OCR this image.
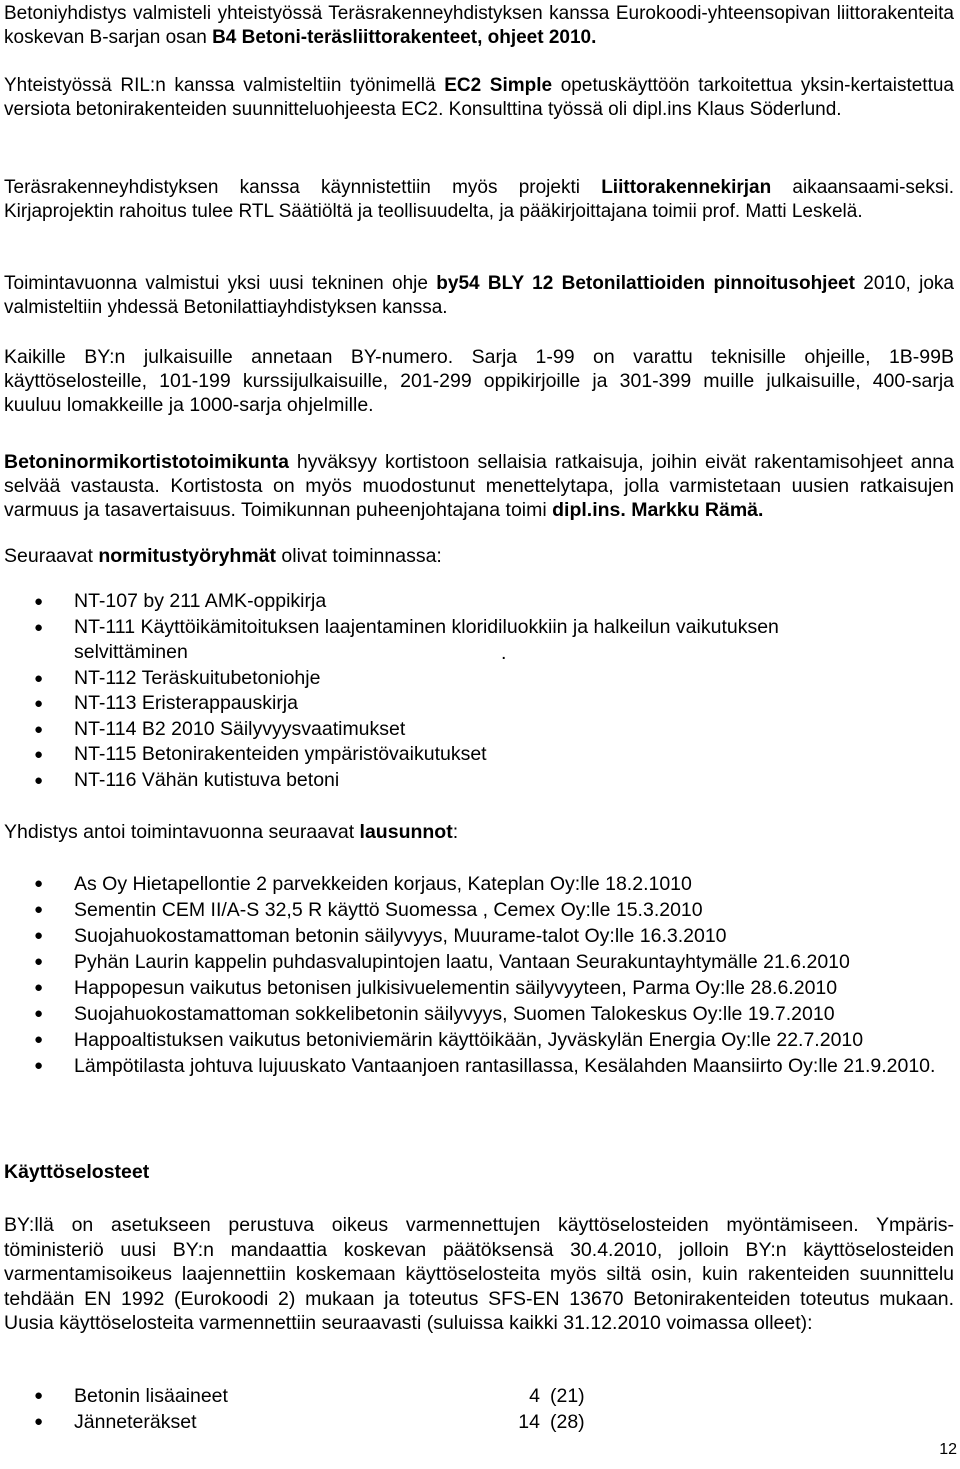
Betoniyhdistys valmisteli yhteistyössä Teräsrakenneyhdistyksen kanssa Eurokoodi-yhteensopivan liittorakenteita koskevan B-sarjan osan B4 Betoni-teräsliittorakenteet, ohjeet 2010.

Yhteistyössä RIL:n kanssa valmisteltiin työnimellä EC2 Simple opetuskäyttöön tarkoitettua yksin-kertaistettua versiota betonirakenteiden suunnitteluohjeesta EC2. Konsulttina työssä oli dipl.ins Klaus Söderlund.

Teräsrakenneyhdistyksen kanssa käynnistettiin myös projekti Liittorakennekirjan aikaansaami-seksi. Kirjaprojektin rahoitus tulee RTL Säätiöltä ja teollisuudelta, ja pääkirjoittajana toimii prof. Matti Leskelä.

Toimintavuonna valmistui yksi uusi tekninen ohje by54 BLY 12 Betonilattioiden pinnoitusohjeet 2010, joka valmisteltiin yhdessä Betonilattiayhdistyksen kanssa.

Kaikille BY:n julkaisuille annetaan BY-numero. Sarja 1-99 on varattu teknisille ohjeille, 1B-99B käyttöselosteille, 101-199 kurssijulkaisuille, 201-299 oppikirjoille ja 301-399 muille julkaisuille, 400-sarja kuuluu lomakkeille ja 1000-sarja ohjelmille.

Betoninormikortistotoimikunta hyväksyy kortistoon sellaisia ratkaisuja, joihin eivät rakentamisohjeet anna selvää vastausta. Kortistosta on myös muodostunut menettelytapa, jolla varmistetaan uusien ratkaisujen varmuus ja tasavertaisuus. Toimikunnan puheenjohtajana toimi dipl.ins. Markku Rämä.

Seuraavat normitustyöryhmät olivat toiminnassa:

● NT-107 by 211 AMK-oppikirja
● NT-111 Käyttöikämitoituksen laajentaminen kloridiluokkiin ja halkeilun vaikutuksen selvittäminen	.
● NT-112 Teräskuitubetoniohje
● NT-113 Eristerappauskirja
● NT-114 B2 2010 Säilyvyysvaatimukset
● NT-115 Betonirakenteiden ympäristövaikutukset
● NT-116 Vähän kutistuva betoni

Yhdistys antoi toimintavuonna seuraavat lausunnot:

● As Oy Hietapellontie 2 parvekkeiden korjaus, Kateplan Oy:lle 18.2.1010
● Sementin CEM II/A-S 32,5 R käyttö Suomessa , Cemex Oy:lle 15.3.2010
● Suojahuokostamattoman betonin säilyvyys, Muurame-talot Oy:lle 16.3.2010
● Pyhän Laurin kappelin puhdasvalupintojen laatu, Vantaan Seurakuntayhtymälle 21.6.2010
● Happopesun vaikutus betonisen julkisivuelementin säilyvyyteen, Parma Oy:lle 28.6.2010
● Suojahuokostamattoman sokkelibetonin säilyvyys, Suomen Talokeskus Oy:lle 19.7.2010
● Happoaltistuksen vaikutus betoniviemärin käyttöikään, Jyväskylän Energia Oy:lle 22.7.2010
● Lämpötilasta johtuva lujuuskato Vantaanjoen rantasillassa, Kesälahden Maansiirto Oy:lle 21.9.2010.
Käyttöselosteet

BY:llä on asetukseen perustuva oikeus varmennettujen käyttöselosteiden myöntämiseen. Ympäris-töministeriö uusi BY:n mandaattia koskevan päätöksensä 30.4.2010, jolloin BY:n käyttöselosteiden varmentamisoikeus laajennettiin koskemaan käyttöselosteita myös siltä osin, kuin rakenteiden suunnittelu tehdään EN 1992 (Eurokoodi 2) mukaan ja toteutus SFS-EN 13670 Betonirakenteiden toteutus mukaan. Uusia käyttöselosteita varmennettiin seuraavasti (suluissa kaikki 31.12.2010 voimassa olleet):

● Betonin lisäaineet	4 (21)
● Jänneteräkset	14 (28)
12
